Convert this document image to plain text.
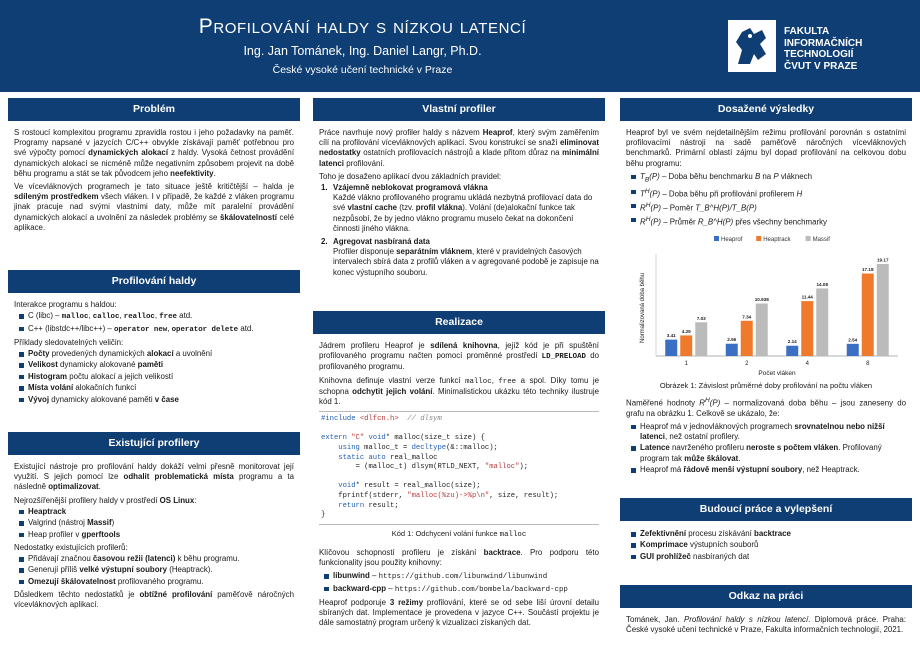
Profilování haldy s nízkou latencí
Ing. Jan Tománek, Ing. Daniel Langr, Ph.D.
České vysoké učení technické v Praze
FAKULTA
INFORMAČNÍCH
TECHNOLOGIÍ
ČVUT V PRAZE
Problém

S rostoucí komplexitou programu zpravidla rostou i jeho požadavky na paměť. Programy napsané v jazycích C/C++ obvykle získávají paměť potřebnou pro své výpočty pomocí dynamických alokací z haldy. Vysoká četnost provádění dynamických alokací se nicméně může negativním způsobem projevit na době běhu programu a stát se tak původcem jeho neefektivity.

Ve vícevláknových programech je tato situace ještě kritičtější – halda je sdíleným prostředkem všech vláken. I v případě, že každé z vláken programu jinak pracuje nad svými vlastními daty, může mít paralelní provádění dynamických alokací a uvolnění za následek problémy se škálovatelností celé aplikace.

Profilování haldy
Interakce programu s haldou:
C (libc) – malloc, calloc, realloc, free atd.
C++ (libstdc++/libc++) – operator new, operator delete atd.
Příklady sledovatelných veličin:
Počty provedených dynamických alokací a uvolnění
Velikost dynamicky alokované paměti
Histogram počtu alokací a jejich velikostí
Místa volání alokačních funkcí
Vývoj dynamicky alokované paměti v čase
Existující profilery

Existující nástroje pro profilování haldy dokáží velmi přesně monitorovat její využití. S jejich pomocí lze odhalit problematická místa programu a ta následně optimalizovat.

Nejrozšířenější profilery haldy v prostředí OS Linux:
Heaptrack
Valgrind (nástroj Massif)
Heap profiler v gperftools
Nedostatky existujících profilerů:
Přidávají značnou časovou režii (latenci) k běhu programu.
Generují příliš velké výstupní soubory (Heaptrack).
Omezují škálovatelnost profilovaného programu.

Důsledkem těchto nedostatků je obtížné profilování paměťově náročných vícevláknových aplikací.

Vlastní profiler

Práce navrhuje nový profiler haldy s názvem Heaprof, který svým zaměřením cílí na profilování vícevláknových aplikací. Svou konstrukcí se snaží eliminovat nedostatky ostatních profilovacích nástrojů a klade přitom důraz na minimální latenci profilování.

Toho je dosaženo aplikací dvou základních pravidel:
1. Vzájemně neblokovat programová vlákna
Každé vlákno profilovaného programu ukládá nezbytná profilovací data do své vlastní cache (tzv. profil vlákna). Volání (de)alokační funkce tak nezpůsobí, že by jedno vlákno programu muselo čekat na dokončení činnosti jiného vlákna.
2. Agregovat nasbíraná data
Profiler disponuje separátním vláknem, které v pravidelných časových intervalech sbírá data z profilů vláken a v agregované podobě je zapisuje na konec výstupního souboru.
Realizace

Jádrem profileru Heaprof je sdílená knihovna, jejíž kód je při spuštění profilovaného programu načten pomocí proměnné prostředí LD_PRELOAD do profilovaného programu.

Knihovna definuje vlastní verze funkcí malloc, free a spol. Díky tomu je schopna odchytit jejich volání. Minimalistickou ukázku této techniky ilustruje kód 1.

#include <dlfcn.h>  // dlsym

extern "C" void* malloc(size_t size) {
using malloc_t = decltype(&::malloc);
static auto real_malloc
= (malloc_t) dlsym(RTLD_NEXT, "malloc");

void* result = real_malloc(size);
fprintf(stderr, "malloc(%zu)->%p\n", size, result);
return result;
}
Kód 1: Odchycení volání funkce malloc

Klíčovou schopností profileru je získání backtrace. Pro podporu této funkcionality jsou použity knihovny:

libunwind – https://github.com/libunwind/libunwind
backward-cpp – https://github.com/bombela/backward-cpp

Heaprof podporuje 3 režimy profilování, které se od sebe liší úrovní detailu sbíraných dat. Implementace je provedena v jazyce C++. Součástí projektu je dále samostatný program určený k vizualizaci získaných dat.

Dosažené výsledky

Heaprof byl ve svém nejdetailnějším režimu profilování porovnán s ostatními profilovacími nástroji na sadě paměťově náročných vícevláknových benchmarků. Primární oblastí zájmu byl dopad profilování na celkovou dobu běhu programu:

$T_B(P)$ – Doba běhu benchmarku B na P vláknech
$T^H(P)$ – Doba běhu při profilování profilerem H
$R^H(P)$ – Poměr T_B^H(P)/T_B(P)
$R^H(P)$ – Průměr R_B^H(P) přes všechny benchmarky
Heaprof	Heaptrack	Massif
Normalizovaná doba běhu
Počet vláken
1
3.41
4.29
7.03
2
2.56
7.34
10.938
4
2.14
11.44
14.08
8
2.54
17.18
19.17
Obrázek 1: Závislost průměrné doby profilování na počtu vláken

Naměřené hodnoty $R^H(P)$ – normalizovaná doba běhu – jsou zaneseny do grafu na obrázku 1. Celkově se ukázalo, že:

Heaprof má v jednovláknových programech srovnatelnou nebo nižší latenci, než ostatní profilery.
Latence navrženého profileru neroste s počtem vláken. Profilovaný program tak může škálovat.
Heaprof má řádově menší výstupní soubory, než Heaptrack.
Budoucí práce a vylepšení
Zefektivnění procesu získávání backtrace
Komprimace výstupních souborů
GUI prohlížeč nasbíraných dat
Odkaz na práci

Tománek, Jan. Profilování haldy s nízkou latencí. Diplomová práce. Praha: České vysoké učení technické v Praze, Fakulta informačních technologií, 2021.
